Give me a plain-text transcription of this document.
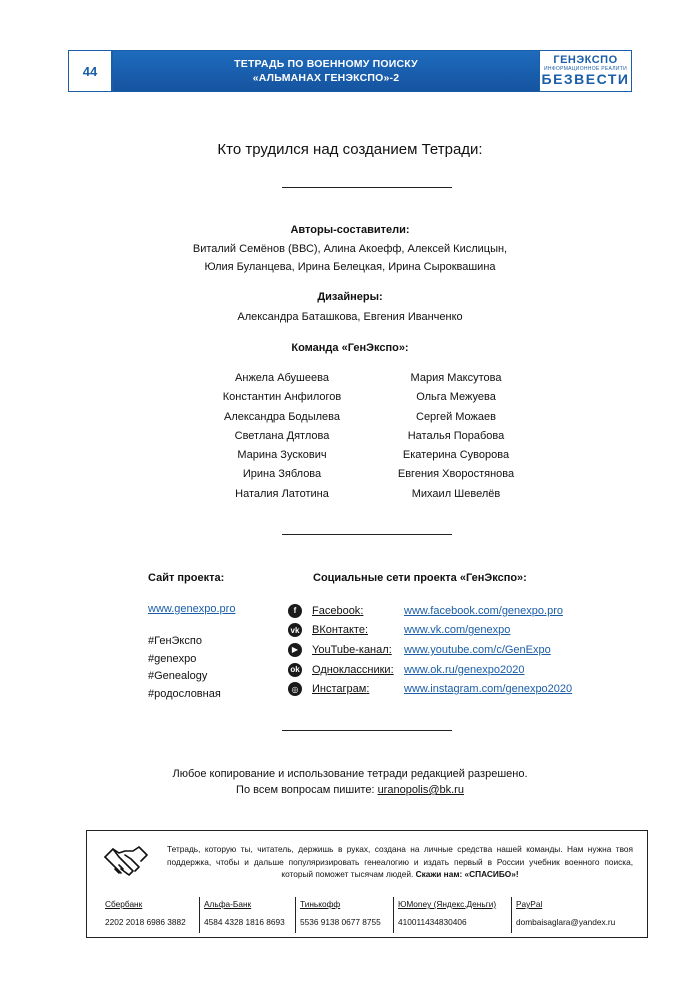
44	ТЕТРАДЬ ПО ВОЕННОМУ ПОИСКУ
«АЛЬМАНАХ ГЕНЭКСПО»-2
ГЕНЭКСПО
ИНФОРМАЦИОННОЕ РЕАЛИТИ
БЕЗВЕСТИ
Кто трудился над созданием Тетради:
Авторы-составители:
Виталий Семёнов (ВВС), Алина Акоефф, Алексей Кислицын,
Юлия Буланцева, Ирина Белецкая, Ирина Сыроквашина
Дизайнеры:
Александра Баташкова, Евгения Иванченко
Команда «ГенЭкспо»:
Анжела Абушеева
Константин Анфилогов
Александра Бодылева
Светлана Дятлова
Марина Зускович
Ирина Зяблова
Наталия Латотина
Мария Максутова
Ольга Межуева
Сергей Можаев
Наталья Порабова
Екатерина Суворова
Евгения Хворостянова
Михаил Шевелёв
Сайт проекта:	Социальные сети проекта «ГенЭкспо»:
www.genexpo.pro
#ГенЭкспо
#genexpo
#Genealogy
#родословная
f	Facebook:	www.facebook.com/genexpo.pro
vk ВКонтакте:	www.vk.com/genexpo
▶	YouTube-канал:	www.youtube.com/c/GenExpo
ok Одноклассники: www.ok.ru/genexpo2020
◎	Инстаграм:	www.instagram.com/genexpo2020
Любое копирование и использование тетради редакцией разрешено.
По всем вопросам пишите: uranopolis@bk.ru
Тетрадь, которую ты, читатель, держишь в руках, создана на личные средства нашей команды. Нам нужна твоя поддержка, чтобы и дальше популяризировать генеалогию и издать первый в России учебник военного поиска, который поможет тысячам людей. Скажи нам: «СПАСИБО»!
Сбербанк
2202 2018 6986 3882
Альфа-Банк
4584 4328 1816 8693
Тинькофф
5536 9138 0677 8755
ЮMoney (Яндекс.Деньги)
410011434830406
PayPal
dombaisaglara@yandex.ru
